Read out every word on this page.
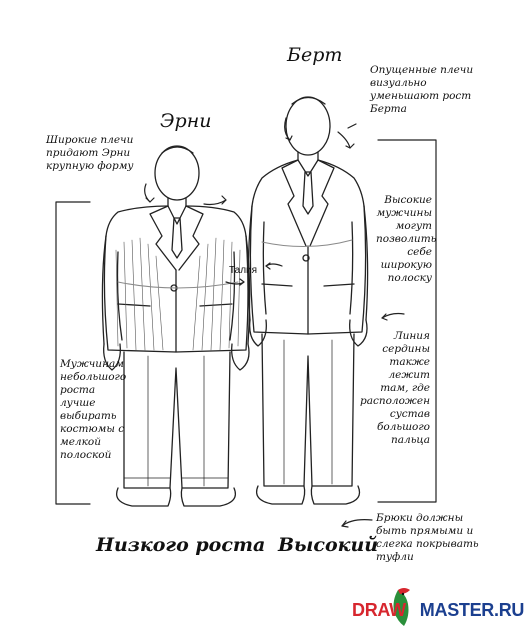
Эрни
Берт
Широкие плечи
придают Эрни
крупную форму
Мужчинам
небольшого
роста лучше
выбирать
костюмы с
мелкой
полоской
Опущенные плечи
визуально
уменьшают рост
Берта
Высокие
мужчины
могут
позволить
себе
широкую
полоску
Линия
сердины
также лежит
там, где
расположен
сустав
большого
пальца
Брюки должны
быть прямыми и
слегка покрывать
туфли
Талия
Низкого роста Высокий
DRAW MASTER.RU
